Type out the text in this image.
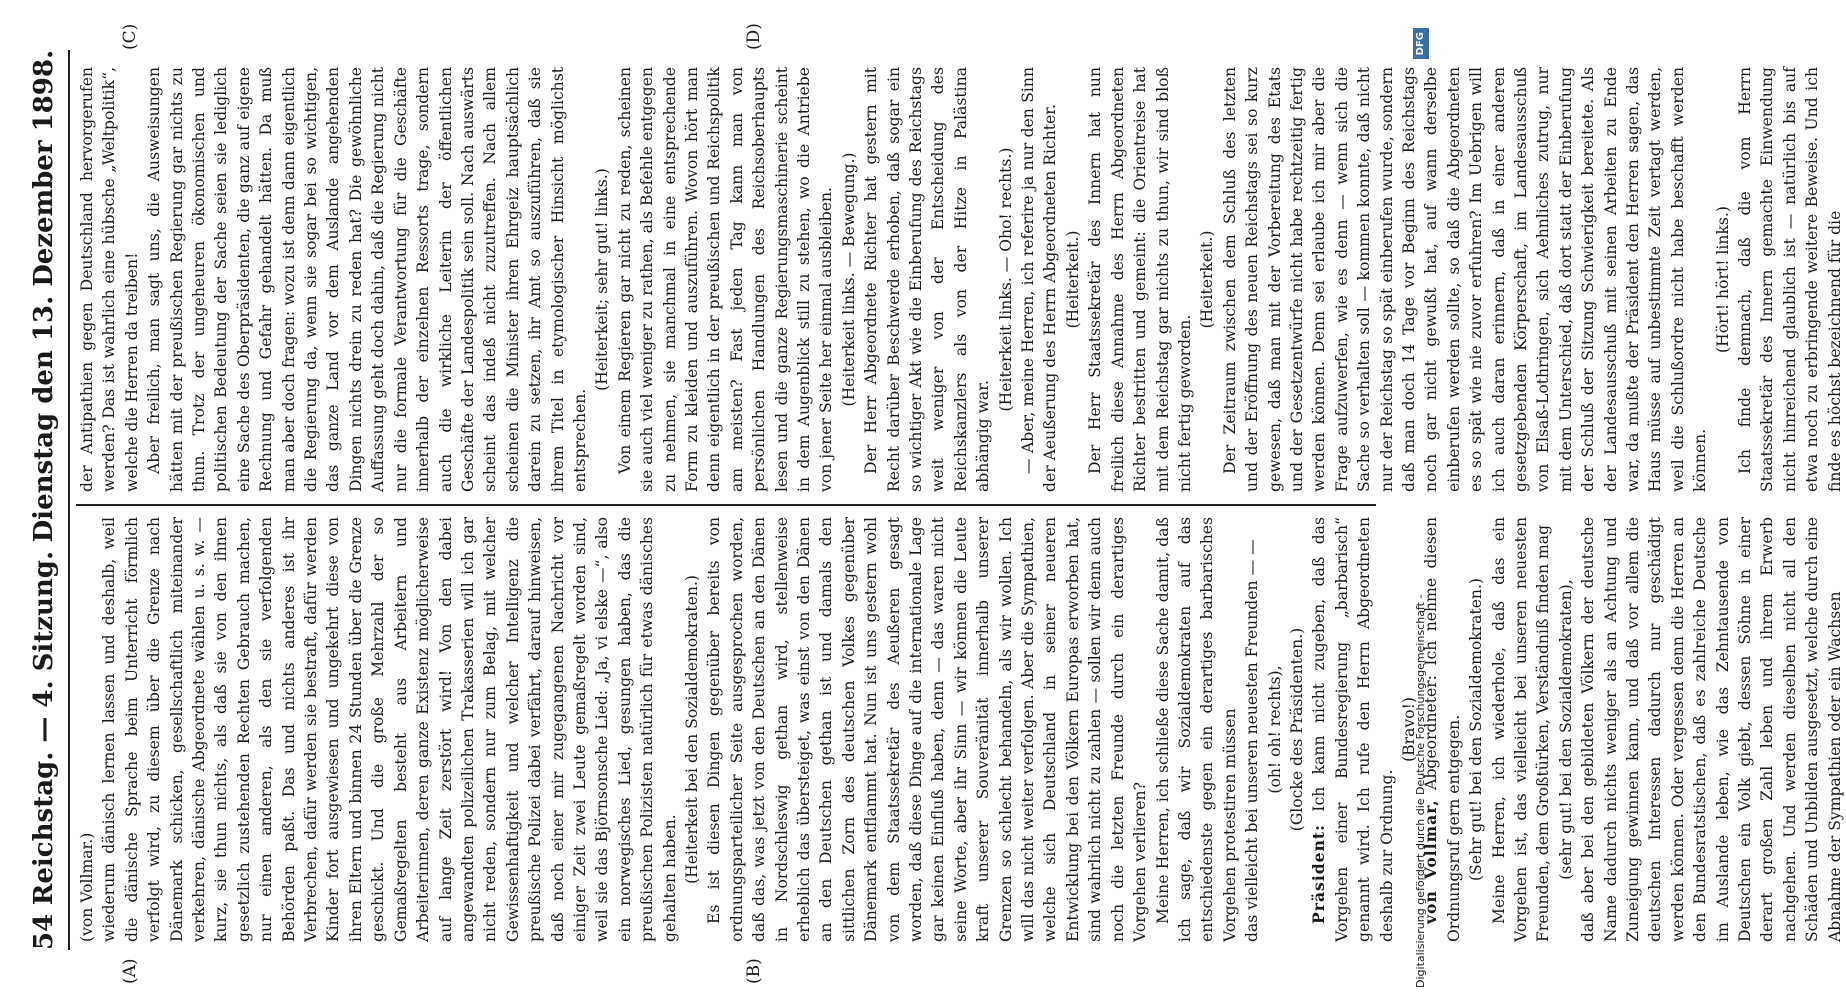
54
Reichstag. — 4. Sitzung.
Dienstag den 13. Dezember 1898.
(A)	(B)
(C)	(D)

(von Vollmar.) wiederum dänisch lernen lassen und deshalb, weil die dänische Sprache beim Unterricht förmlich verfolgt wird, zu diesem über die Grenze nach Dänemark schicken, gesellschaftlich miteinander verkehren, dänische Abgeordnete wählen u. s. w. — kurz, sie thun nichts, als daß sie von den ihnen gesetzlich zustehenden Rechten Gebrauch machen, nur einen anderen, als den sie verfolgenden Behörden paßt. Das und nichts anderes ist ihr Verbrechen, dafür werden sie bestraft, dafür werden Kinder fort ausgewiesen und ungekehrt diese von ihren Eltern und binnen 24 Stunden über die Grenze geschickt. Und die große Mehrzahl der so Gemaßregelten besteht aus Arbeitern und Arbeiterinnen, deren ganze Existenz möglicherweise auf lange Zeit zerstört wird! Von den dabei angewandten polizeilichen Trakasserien will ich gar nicht reden, sondern nur zum Belag, mit welcher Gewissenhaftigkeit und welcher Intelligenz die preußische Polizei dabei verfährt, darauf hinweisen, daß noch einer mir zugegangenen Nachricht vor einiger Zeit zwei Leute gemaßregelt worden sind, weil sie das Björnsonsche Lied: „Ja, vi elske —“, also ein norwegisches Lied, gesungen haben, das die preußischen Polizisten natürlich für etwas dänisches gehalten haben. (Heiterkeit bei den Sozialdemokraten.) Es ist diesen Dingen gegenüber bereits von ordnungsparteilicher Seite ausgesprochen worden, daß das, was jetzt von den Deutschen an den Dänen in Nordschleswig gethan wird, stellenweise erheblich das übersteiget, was einst von den Dänen an den Deutschen gethan ist und damals den sittlichen Zorn des deutschen Volkes gegenüber Dänemark entflammt hat. Nun ist uns gestern wohl von dem Staatssekretär des Aeußeren gesagt worden, daß diese Dinge auf die internationale Lage gar keinen Einfluß haben, denn — das waren nicht seine Worte, aber ihr Sinn — wir können die Leute kraft unserer Souveränität innerhalb unserer Grenzen so schlecht behandeln, als wir wollen. Ich will das nicht weiter verfolgen. Aber die Sympathien, welche sich Deutschland in seiner neueren Entwicklung bei den Völkern Europas erworben hat, sind wahrlich nicht zu zahlen — sollen wir denn auch noch die letzten Freunde durch ein derartiges Vorgehen verlieren? Meine Herren, ich schließe diese Sache damit, daß ich sage, daß wir Sozialdemokraten auf das entschiedenste gegen ein derartiges barbarisches Vorgehen protestiren müssen das vielleicht bei unseren neuesten Freunden — — (oh! oh! rechts), (Glocke des Präsidenten.)

Präsident: Ich kann nicht zugeben, daß das Vorgehen einer Bundesregierung „barbarisch“ genannt wird. Ich rufe den Herrn Abgeordneten deshalb zur Ordnung.

(Bravo!)

von Vollmar, Abgeordneter: Ich nehme diesen Ordnungsruf gern entgegen. (Sehr gut! bei den Sozialdemokraten.) Meine Herren, ich wiederhole, daß das ein Vorgehen ist, das vielleicht bei unseren neuesten Freunden, dem Großtürken, Verständniß finden mag (sehr gut! bei den Sozialdemokraten), daß aber bei den gebildeten Völkern der deutsche Name dadurch nichts weniger als an Achtung und Zuneigung gewinnen kann, und daß vor allem die deutschen Interessen dadurch nur geschädigt werden können. Oder vergessen denn die Herren an den Bundesratstischen, daß es zahlreiche Deutsche im Auslande leben, wie das Zehntausende von Deutschen ein Volk giebt, dessen Söhne in einer derart großen Zahl leben und ihrem Erwerb nachgehen. Und werden dieselben nicht all den Schäden und Unbilden ausgesetzt, welche durch eine Abnahme der Sympathien oder ein Wachsen

der Antipathien gegen Deutschland hervorgerufen werden? Das ist wahrlich eine hübsche „Weltpolitik“, welche die Herren da treiben! Aber freilich, man sagt uns, die Ausweisungen hätten mit der preußischen Regierung gar nichts zu thun. Trotz der ungeheuren ökonomischen und politischen Bedeutung der Sache seien sie lediglich eine Sache des Oberpräsidenten, die ganz auf eigene Rechnung und Gefahr gehandelt hätten. Da muß man aber doch fragen: wozu ist denn dann eigentlich die Regierung da, wenn sie sogar bei so wichtigen, das ganze Land vor dem Auslande angehenden Dingen nichts drein zu reden hat? Die gewöhnliche Auffassung geht doch dahin, daß die Regierung nicht nur die formale Verantwortung für die Geschäfte innerhalb der einzelnen Ressorts trage, sondern auch die wirkliche Leiterin der öffentlichen Geschäfte der Landespolitik sein soll. Nach auswärts scheint das indeß nicht zuzutreffen. Nach allem scheinen die Minister ihren Ehrgeiz hauptsächlich darein zu setzen, ihr Amt so auszuführen, daß sie ihrem Titel in etymologischer Hinsicht möglichst entsprechen.

(Heiterkeit; sehr gut! links.) Von einem Regieren gar nicht zu reden, scheinen sie auch viel weniger zu rathen, als Befehle entgegen zu nehmen, sie manchmal in eine entsprechende Form zu kleiden und auszuführen. Wovon hört man denn eigentlich in der preußischen und Reichspolitik am meisten? Fast jeden Tag kann man von persönlichen Handlungen des Reichsoberhaupts lesen und die ganze Regierungsmaschinerie scheint in dem Augenblick still zu stehen, wo die Antriebe von jener Seite her einmal ausbleiben. (Heiterkeit links. — Bewegung.) Der Herr Abgeordnete Richter hat gestern mit Recht darüber Beschwerde erhoben, daß sogar ein so wichtiger Akt wie die Einberufung des Reichstags weit weniger von der Entscheidung des Reichskanzlers als von der Hitze in Palästina abhängig war.

(Heiterkeit links. — Oho! rechts.) — Aber, meine Herren, ich referire ja nur den Sinn der Aeußerung des Herrn Abgeordneten Richter. (Heiterkeit.) Der Herr Staatssekretär des Innern hat nun freilich diese Annahme des Herrn Abgeordneten Richter bestritten und gemeint: die Orientreise hat mit dem Reichstag gar nichts zu thun, wir sind bloß nicht fertig geworden.

(Heiterkeit.) Der Zeitraum zwischen dem Schluß des letzten und der Eröffnung des neuen Reichstags sei so kurz gewesen, daß man mit der Vorbereitung des Etats und der Gesetzentwürfe nicht habe rechtzeitig fertig werden können. Denn sei erlaube ich mir aber die Frage aufzuwerfen, wie es denn — wenn sich die Sache so verhalten soll — kommen konnte, daß nicht nur der Reichstag so spät einberufen wurde, sondern daß man doch 14 Tage vor Beginn des Reichstags noch gar nicht gewußt hat, auf wann derselbe einberufen werden sollte, so daß die Abgeordneten es so spät wie nie zuvor erfuhren? Im Uebrigen will ich auch daran erinnern, daß in einer anderen gesetzgebenden Körperschaft, im Landesausschuß von Elsaß-Lothringen, sich Aehnliches zutrug, nur mit dem Unterschied, daß dort statt der Einberufung der Schluß der Sitzung Schwierigkeit bereitete. Als der Landesausschuß mit seinen Arbeiten zu Ende war, da mußte der Präsident den Herren sagen, das Haus müsse auf unbestimmte Zeit vertagt werden, weil die Schlußordre nicht habe beschafft werden können.

(Hört! hört! links.) Ich finde demnach, daß die vom Herrn Staatssekretär des Innern gemachte Einwendung nicht hinreichend glaublich ist — natürlich bis auf etwa noch zu erbringende weitere Beweise. Und ich finde es höchst bezeichnend für die

Digitalisierung gefördert durch die Deutsche Forschungsgemeinschaft -
DFG
